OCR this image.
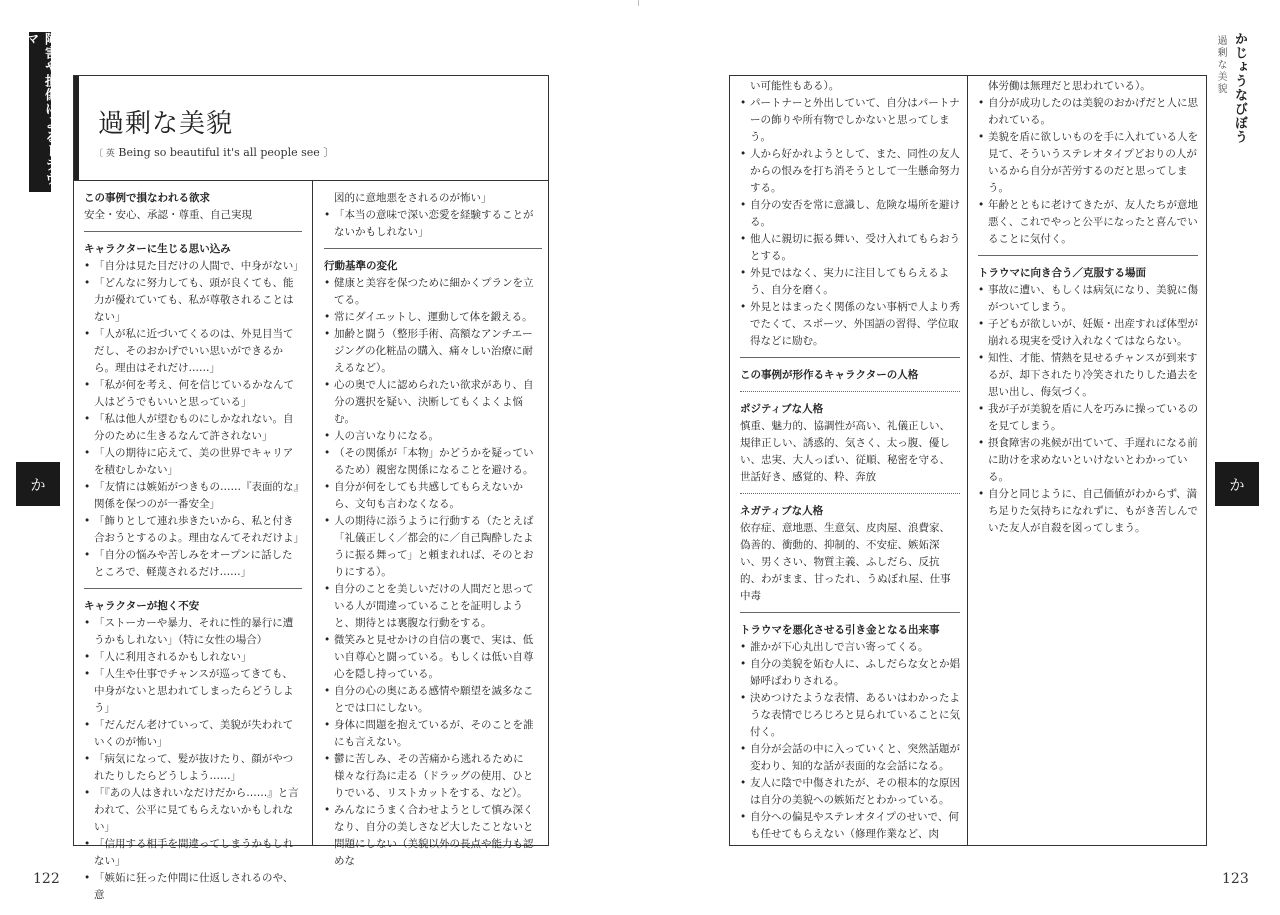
障害や損傷によるトラウマ
か
122
過剰な美貌
〔 英 Being so beautiful it's all people see 〕

この事例で損なわれる欲求

安全・安心、承認・尊重、自己実現

キャラクターに生じる思い込み

• 「自分は見た目だけの人間で、中身がない」
• 「どんなに努力しても、頭が良くても、能力が優れていても、私が尊敬されることはない」
• 「人が私に近づいてくるのは、外見目当てだし、そのおかげでいい思いができるから。理由はそれだけ……」
• 「私が何を考え、何を信じているかなんて人はどうでもいいと思っている」
• 「私は他人が望むものにしかなれない。自分のために生きるなんて許されない」
• 「人の期待に応えて、美の世界でキャリアを積むしかない」
• 「友情には嫉妬がつきもの……『表面的な』関係を保つのが一番安全」
• 「飾りとして連れ歩きたいから、私と付き合おうとするのよ。理由なんてそれだけよ」
• 「自分の悩みや苦しみをオープンに話したところで、軽蔑されるだけ……」

キャラクターが抱く不安

• 「ストーカーや暴力、それに性的暴行に遭うかもしれない」（特に女性の場合）
• 「人に利用されるかもしれない」
• 「人生や仕事でチャンスが巡ってきても、中身がないと思われてしまったらどうしよう」
• 「だんだん老けていって、美貌が失われていくのが怖い」
• 「病気になって、髪が抜けたり、顔がやつれたりしたらどうしよう……」
• 「『あの人はきれいなだけだから……』と言われて、公平に見てもらえないかもしれない」
• 「信用する相手を間違ってしまうかもしれない」
• 「嫉妬に狂った仲間に仕返しされるのや、意
図的に意地悪をされるのが怖い」
• 「本当の意味で深い恋愛を経験することがないかもしれない」

行動基準の変化

• 健康と美容を保つために細かくプランを立てる。
• 常にダイエットし、運動して体を鍛える。
• 加齢と闘う（整形手術、高額なアンチエージングの化粧品の購入、痛々しい治療に耐えるなど）。
• 心の奥で人に認められたい欲求があり、自分の選択を疑い、決断してもくよくよ悩む。
• 人の言いなりになる。
• （その関係が「本物」かどうかを疑っているため）親密な関係になることを避ける。
• 自分が何をしても共感してもらえないから、文句も言わなくなる。
• 人の期待に添うように行動する（たとえば「礼儀正しく／都会的に／自己陶酔したように振る舞って」と頼まれれば、そのとおりにする）。
• 自分のことを美しいだけの人間だと思っている人が間違っていることを証明しようと、期待とは裏腹な行動をする。
• 微笑みと見せかけの自信の裏で、実は、低い自尊心と闘っている。もしくは低い自尊心を隠し持っている。
• 自分の心の奥にある感情や願望を滅多なことでは口にしない。
• 身体に問題を抱えているが、そのことを誰にも言えない。
• 鬱に苦しみ、その苦痛から逃れるために様々な行為に走る（ドラッグの使用、ひとりでいる、リストカットをする、など）。
• みんなにうまく合わせようとして慎み深くなり、自分の美しさなど大したことないと問題にしない（美貌以外の長点や能力も認めな
かじょうなびぼう
過剰な美貌
か
123
い可能性もある）。
• パートナーと外出していて、自分はパートナーの飾りや所有物でしかないと思ってしまう。
• 人から好かれようとして、また、同性の友人からの恨みを打ち消そうとして一生懸命努力する。
• 自分の安否を常に意識し、危険な場所を避ける。
• 他人に親切に振る舞い、受け入れてもらおうとする。
• 外見ではなく、実力に注目してもらえるよう、自分を磨く。
• 外見とはまったく関係のない事柄で人より秀でたくて、スポーツ、外国語の習得、学位取得などに励む。

この事例が形作るキャラクターの人格

ポジティブな人格

慎重、魅力的、協調性が高い、礼儀正しい、規律正しい、誘惑的、気さく、太っ腹、優しい、忠実、大人っぽい、従順、秘密を守る、世話好き、感覚的、粋、奔放

ネガティブな人格

依存症、意地悪、生意気、皮肉屋、浪費家、偽善的、衝動的、抑制的、不安症、嫉妬深い、男くさい、物質主義、ふしだら、反抗的、わがまま、甘ったれ、うぬぼれ屋、仕事中毒

トラウマを悪化させる引き金となる出来事

• 誰かが下心丸出しで言い寄ってくる。
• 自分の美貌を妬む人に、ふしだらな女とか娼婦呼ばわりされる。
• 決めつけたような表情、あるいはわかったような表情でじろじろと見られていることに気付く。
• 自分が会話の中に入っていくと、突然話題が変わり、知的な話が表面的な会話になる。
• 友人に陰で中傷されたが、その根本的な原因は自分の美貌への嫉妬だとわかっている。
• 自分への偏見やステレオタイプのせいで、何も任せてもらえない（修理作業など、肉
体労働は無理だと思われている）。
• 自分が成功したのは美貌のおかげだと人に思われている。
• 美貌を盾に欲しいものを手に入れている人を見て、そういうステレオタイプどおりの人がいるから自分が苦労するのだと思ってしまう。
• 年齢とともに老けてきたが、友人たちが意地悪く、これでやっと公平になったと喜んでいることに気付く。

トラウマに向き合う／克服する場面

• 事故に遭い、もしくは病気になり、美貌に傷がついてしまう。
• 子どもが欲しいが、妊娠・出産すれば体型が崩れる現実を受け入れなくてはならない。
• 知性、才能、情熱を見せるチャンスが到来するが、却下されたり冷笑されたりした過去を思い出し、侮気づく。
• 我が子が美貌を盾に人を巧みに操っているのを見てしまう。
• 摂食障害の兆候が出ていて、手遅れになる前に助けを求めないといけないとわかっている。
• 自分と同じように、自己価値がわからず、満ち足りた気持ちになれずに、もがき苦しんでいた友人が自殺を図ってしまう。
